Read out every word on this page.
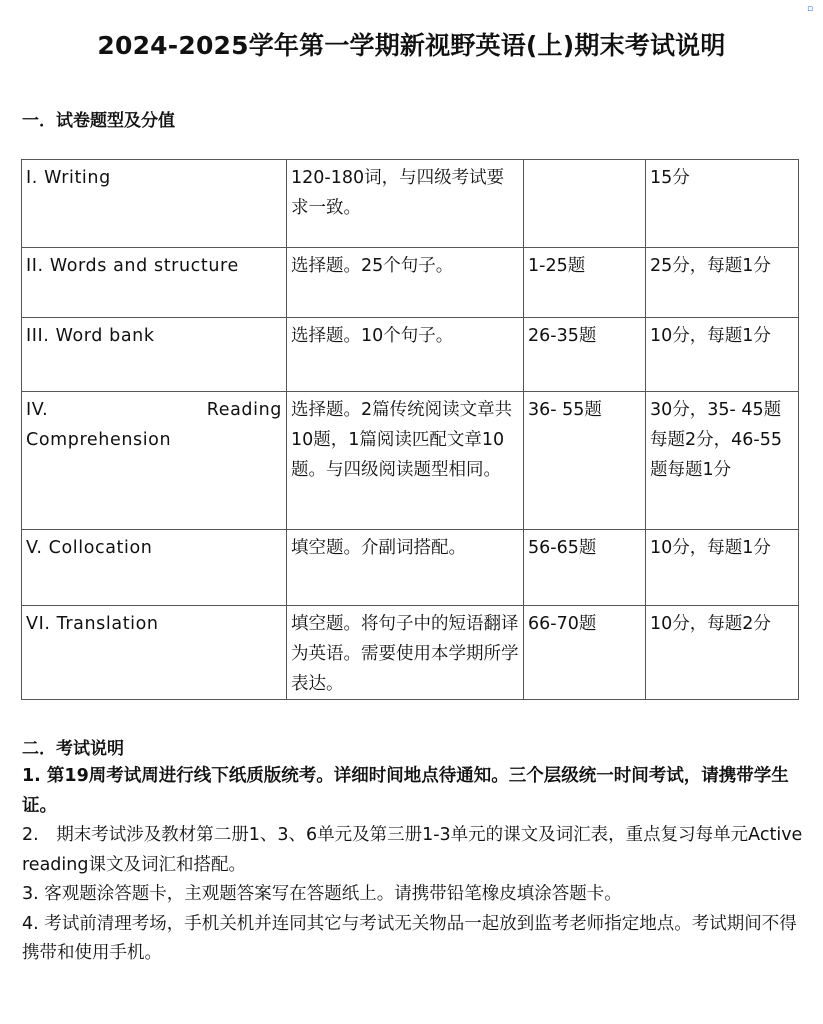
▫
2024-2025学年第一学期新视野英语(上)期末考试说明
一．试卷题型及分值
I. Writing	120-180词，与四级考试要求一致。		15分
II. Words and structure	选择题。25个句子。	1-25题	25分，每题1分
III. Word bank	选择题。10个句子。	26-35题	10分，每题1分

IV. Reading
Comprehension	选择题。2篇传统阅读文章共10题，1篇阅读匹配文章10题。与四级阅读题型相同。	36- 55题	30分，35- 45题每题2分，46-55题每题1分
V. Collocation	填空题。介副词搭配。	56-65题	10分，每题1分
VI. Translation	填空题。将句子中的短语翻译为英语。需要使用本学期所学表达。	66-70题	10分，每题2分
二．考试说明

1. 第19周考试周进行线下纸质版统考。详细时间地点待通知。三个层级统一时间考试，请携带学生证。

2.　期末考试涉及教材第二册1、3、6单元及第三册1-3单元的课文及词汇表，重点复习每单元Active reading课文及词汇和搭配。

3. 客观题涂答题卡，主观题答案写在答题纸上。请携带铅笔橡皮填涂答题卡。

4. 考试前清理考场，手机关机并连同其它与考试无关物品一起放到监考老师指定地点。考试期间不得携带和使用手机。
